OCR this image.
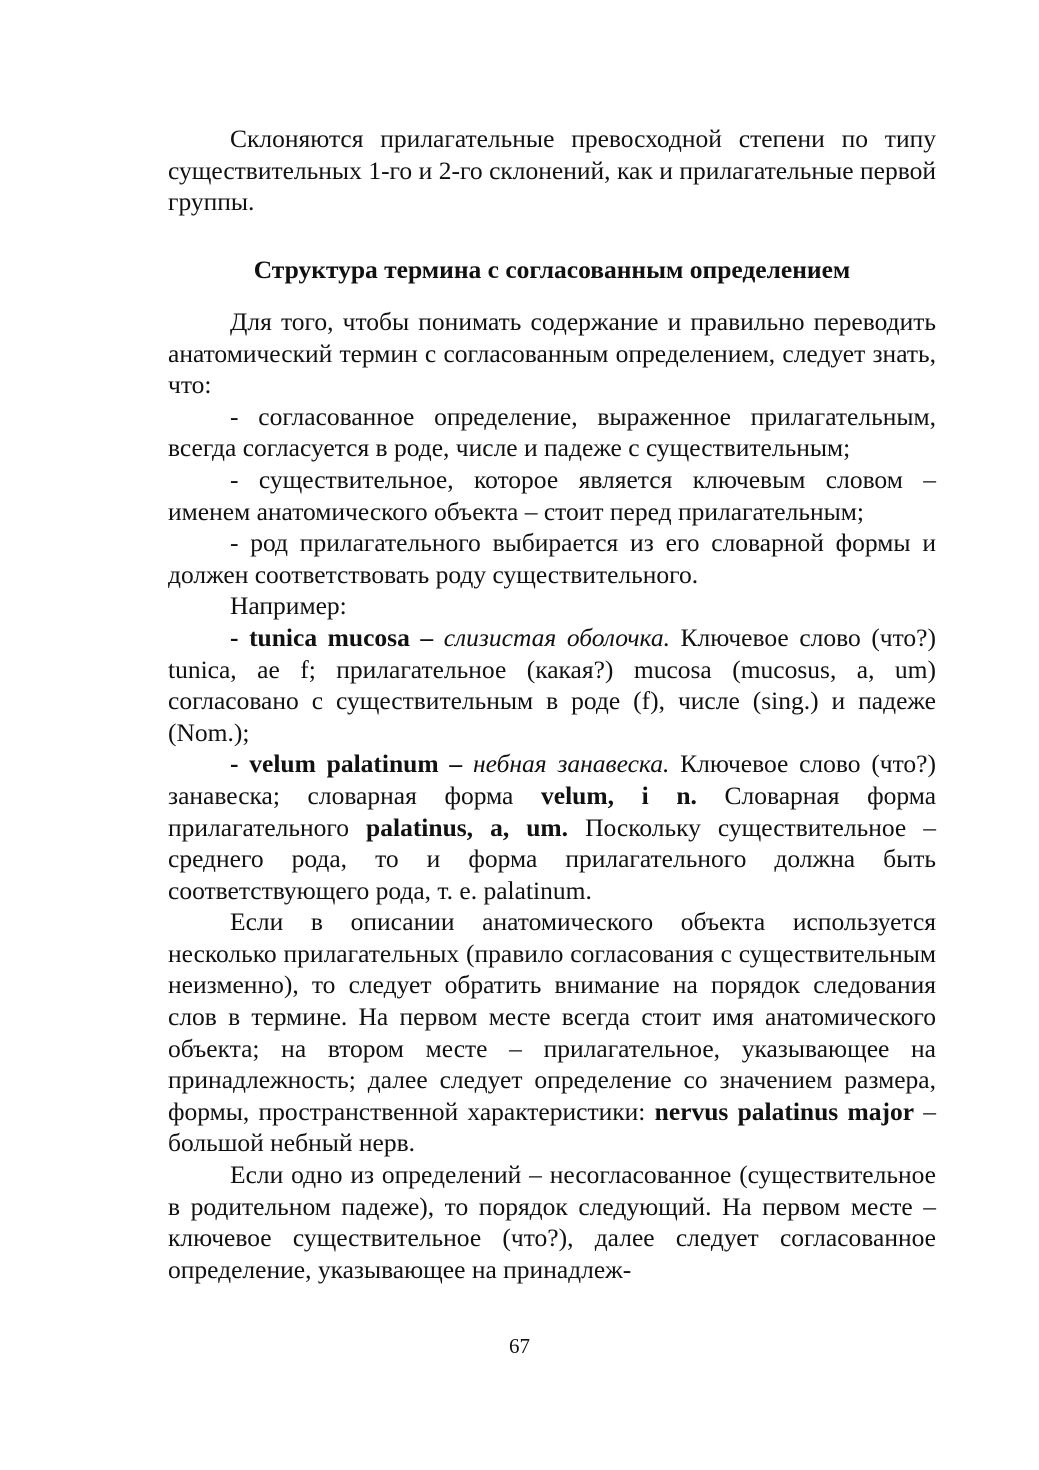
Склоняются прилагательные превосходной степени по типу существительных 1-го и 2-го склонений, как и прилагательные первой группы.

Структура термина с согласованным определением

Для того, чтобы понимать содержание и правильно переводить анатомический термин с согласованным определением, следует знать, что:

- согласованное определение, выраженное прилагательным, всегда согласуется в роде, числе и падеже с существительным;

- существительное, которое является ключевым словом – именем анатомического объекта – стоит перед прилагательным;

- род прилагательного выбирается из его словарной формы и должен соответствовать роду существительного.

Например:

- tunica mucosa – слизистая оболочка. Ключевое слово (что?) tunica, ae f; прилагательное (какая?) mucosa (mucosus, a, um) согласовано с существительным в роде (f), числе (sing.) и падеже (Nom.);

- velum palatinum – небная занавеска. Ключевое слово (что?) занавеска; словарная форма velum, i n. Словарная форма прилагательного palatinus, a, um. Поскольку существительное – среднего рода, то и форма прилагательного должна быть соответствующего рода, т. е. palatinum.

Если в описании анатомического объекта используется несколько прилагательных (правило согласования с существительным неизменно), то следует обратить внимание на порядок следования слов в термине. На первом месте всегда стоит имя анатомического объекта; на втором месте – прилагательное, указывающее на принадлежность; далее следует определение со значением размера, формы, пространственной характеристики: nervus palatinus major – большой небный нерв.

Если одно из определений – несогласованное (существительное в родительном падеже), то порядок следующий. На первом месте – ключевое существительное (что?), далее следует согласованное определение, указывающее на принадлеж-

67
